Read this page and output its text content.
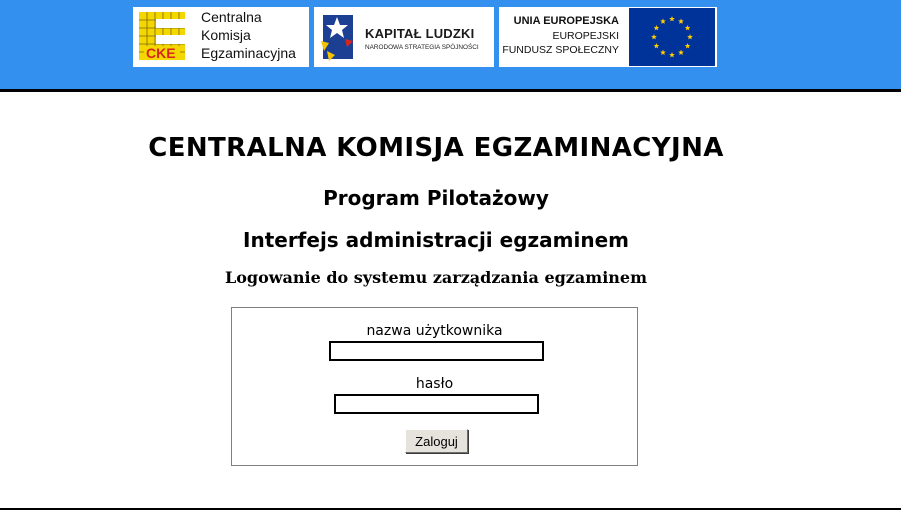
CKE
Centralna
Komisja
Egzaminacyjna
KAPITAŁ LUDZKI
NARODOWA STRATEGIA SPÓJNOŚCI
UNIA EUROPEJSKA
EUROPEJSKI
FUNDUSZ SPOŁECZNY
CENTRALNA KOMISJA EGZAMINACYJNA
Program Pilotażowy
Interfejs administracji egzaminem
Logowanie do systemu zarządzania egzaminem
nazwa użytkownika
hasło
Zaloguj
